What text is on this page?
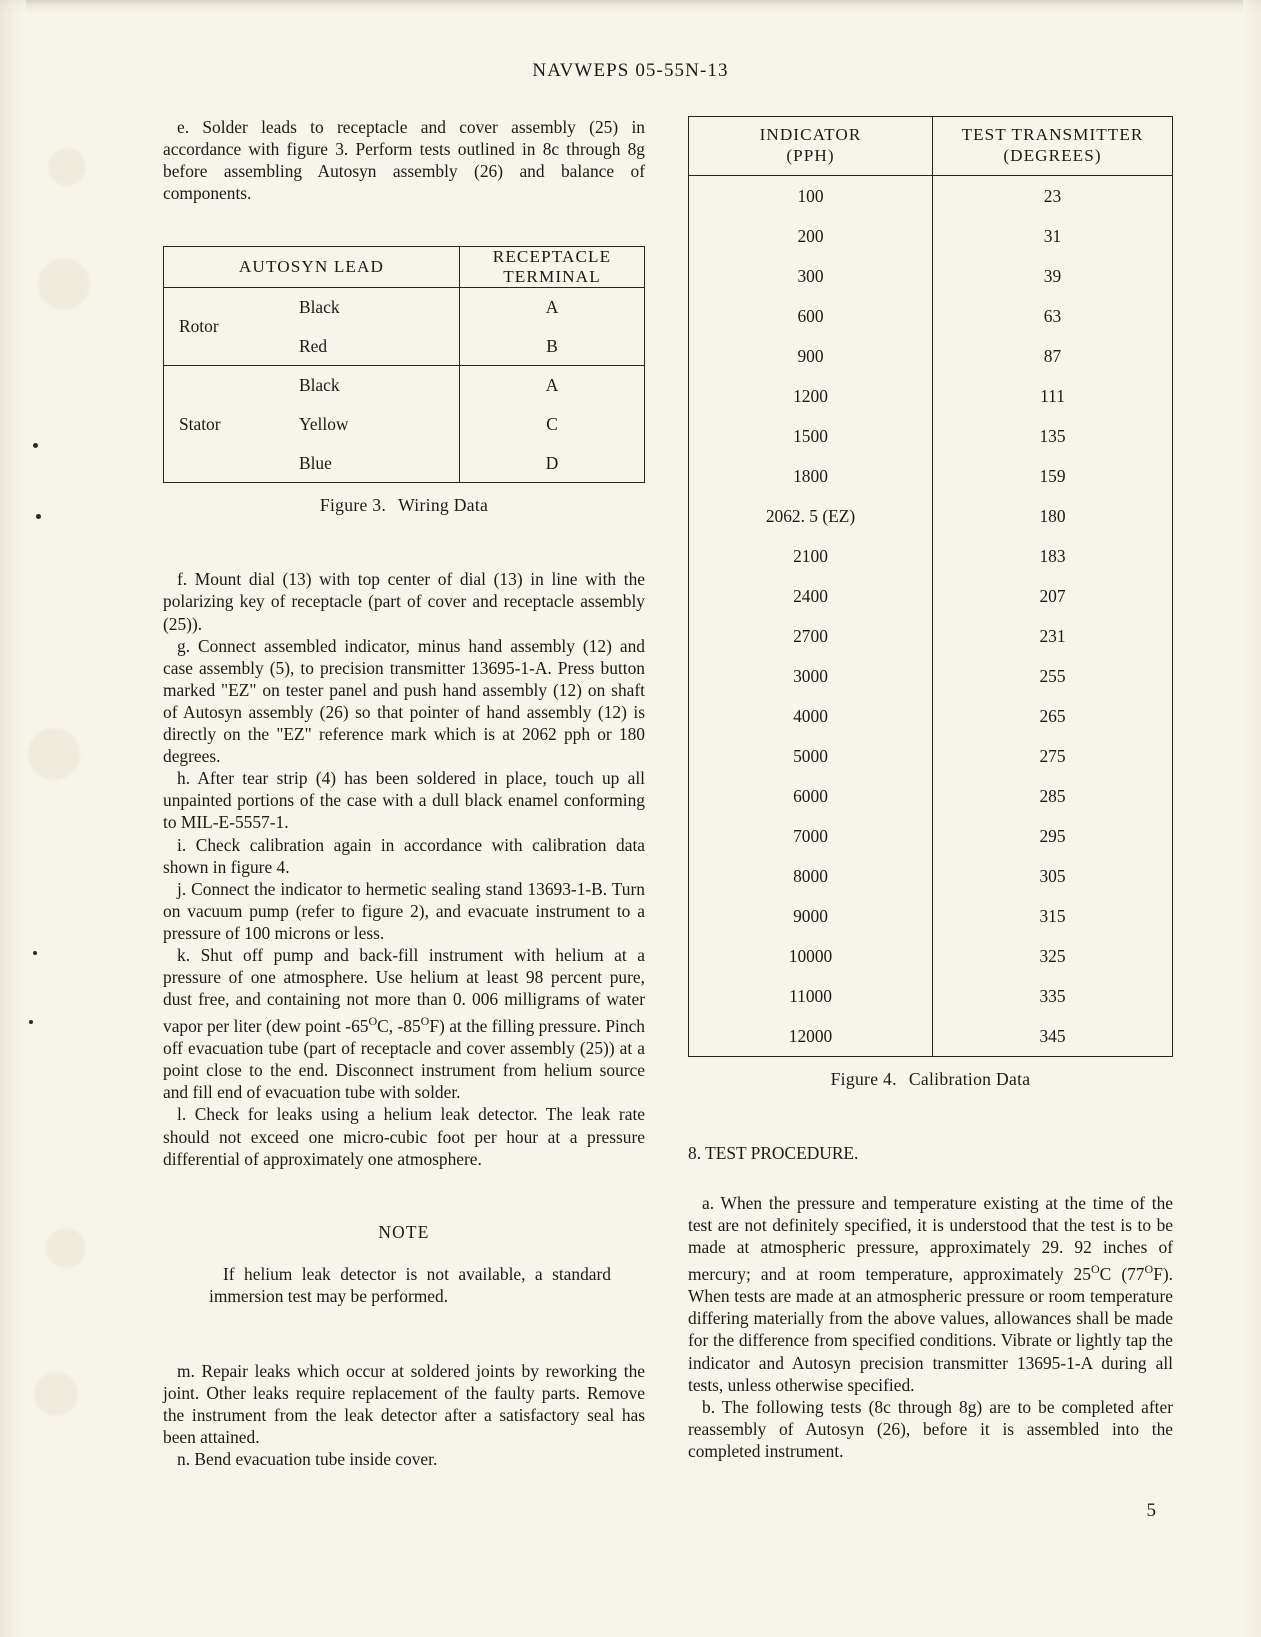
NAVWEPS 05-55N-13

e. Solder leads to receptacle and cover assembly (25) in accordance with figure 3. Perform tests outlined in 8c through 8g before assembling Autosyn assembly (26) and balance of components.

AUTOSYN LEAD		RECEPTACLE TERMINAL
Rotor	Black	A
	Red	B
Stator	Black	A
	Yellow	C
	Blue	D
Figure 3. Wiring Data

f. Mount dial (13) with top center of dial (13) in line with the polarizing key of receptacle (part of cover and receptacle assembly (25)).

g. Connect assembled indicator, minus hand assembly (12) and case assembly (5), to precision transmitter 13695-1-A. Press button marked "EZ" on tester panel and push hand assembly (12) on shaft of Autosyn assembly (26) so that pointer of hand assembly (12) is directly on the "EZ" reference mark which is at 2062 pph or 180 degrees.

h. After tear strip (4) has been soldered in place, touch up all unpainted portions of the case with a dull black enamel conforming to MIL-E-5557-1.

i. Check calibration again in accordance with calibration data shown in figure 4.

j. Connect the indicator to hermetic sealing stand 13693-1-B. Turn on vacuum pump (refer to figure 2), and evacuate instrument to a pressure of 100 microns or less.

k. Shut off pump and back-fill instrument with helium at a pressure of one atmosphere. Use helium at least 98 percent pure, dust free, and containing not more than 0. 006 milligrams of water vapor per liter (dew point $-65^OC$, $-85^OF$) at the filling pressure. Pinch off evacuation tube (part of receptacle and cover assembly (25)) at a point close to the end. Disconnect instrument from helium source and fill end of evacuation tube with solder.

l. Check for leaks using a helium leak detector. The leak rate should not exceed one micro-cubic foot per hour at a pressure differential of approximately one atmosphere.

NOTE

If helium leak detector is not available, a standard immersion test may be performed.

m. Repair leaks which occur at soldered joints by reworking the joint. Other leaks require replacement of the faulty parts. Remove the instrument from the leak detector after a satisfactory seal has been attained.

n. Bend evacuation tube inside cover.

INDICATOR
(PPH)	TEST TRANSMITTER
(DEGREES)
100	23
200	31
300	39
600	63
900	87
1200	111
1500	135
1800	159
2062. 5 (EZ)	180
2100	183
2400	207
2700	231
3000	255
4000	265
5000	275
6000	285
7000	295
8000	305
9000	315
10000	325
11000	335
12000	345
Figure 4. Calibration Data

8. TEST PROCEDURE.

a. When the pressure and temperature existing at the time of the test are not definitely specified, it is understood that the test is to be made at atmospheric pressure, approximately 29. 92 inches of mercury; and at room temperature, approximately $25^OC$ $(77^OF)$. When tests are made at an atmospheric pressure or room temperature differing materially from the above values, allowances shall be made for the difference from specified conditions. Vibrate or lightly tap the indicator and Autosyn precision transmitter 13695-1-A during all tests, unless otherwise specified.

b. The following tests (8c through 8g) are to be completed after reassembly of Autosyn (26), before it is assembled into the completed instrument.

5
